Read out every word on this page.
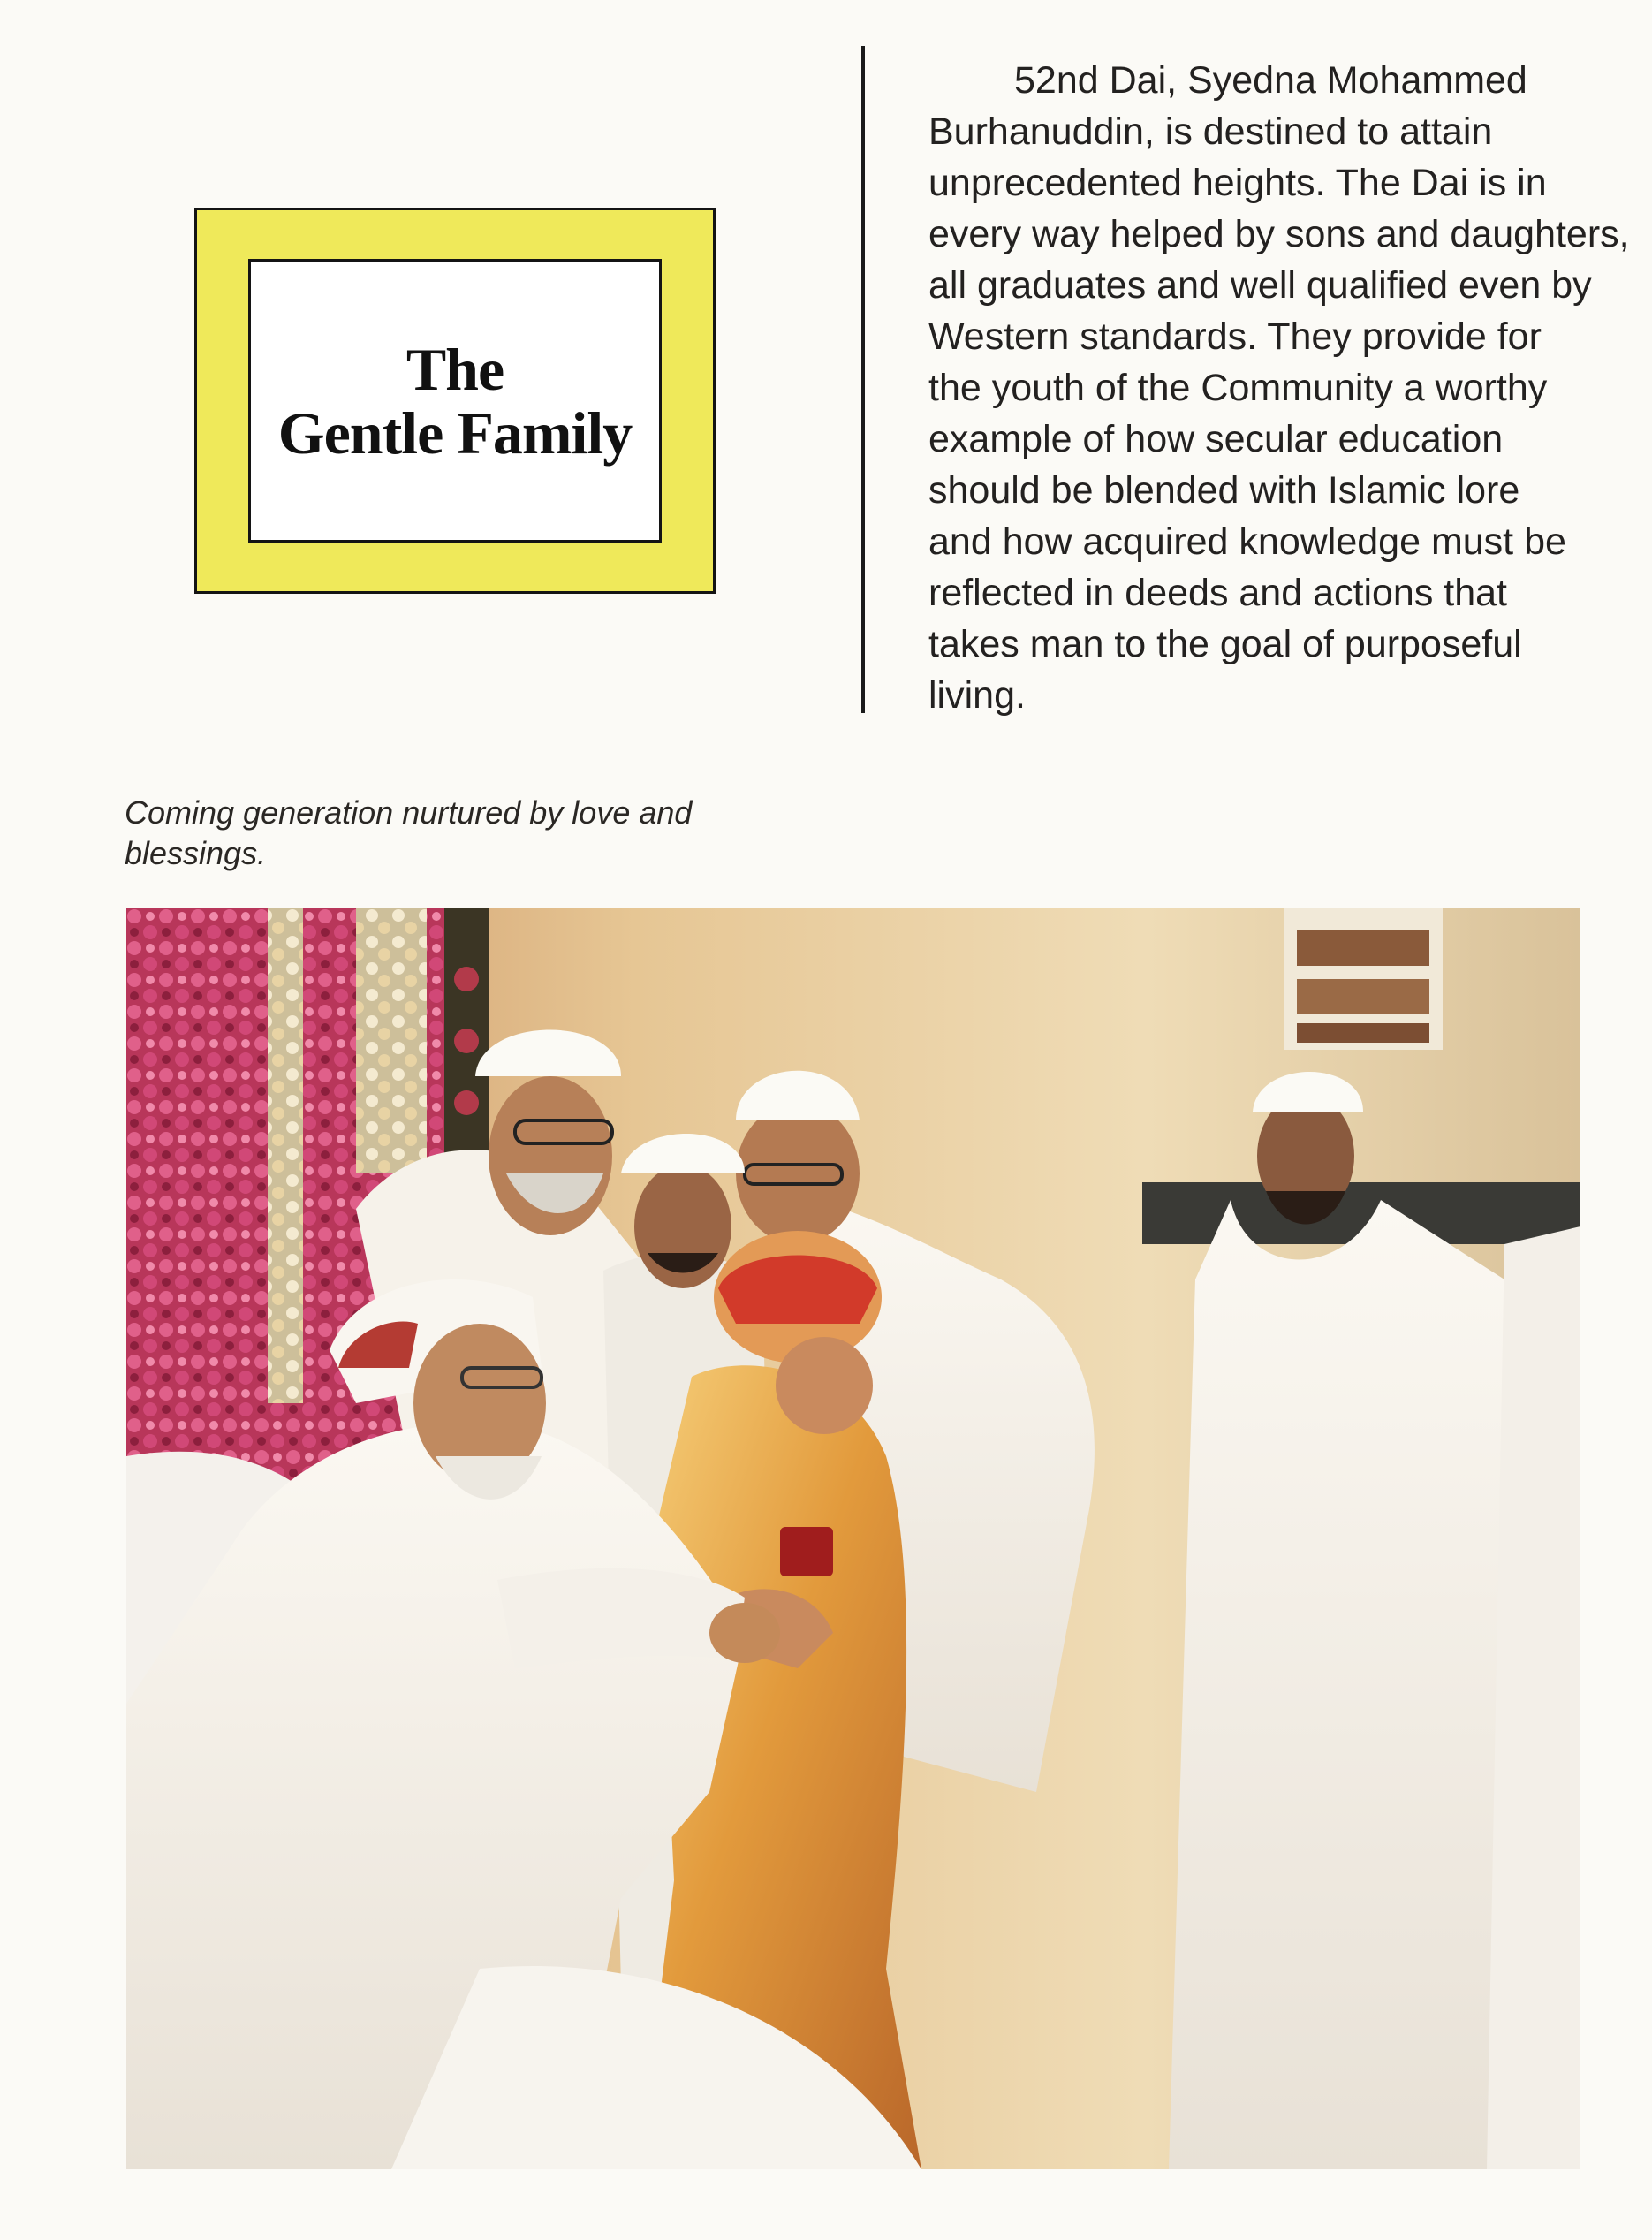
The
Gentle Family
52nd Dai, Syedna Mohammed
Burhanuddin, is destined to attain
unprecedented heights. The Dai is in
every way helped by sons and daughters,
all graduates and well qualified even by
Western standards. They provide for
the youth of the Community a worthy
example of how secular education
should be blended with Islamic lore
and how acquired knowledge must be
reflected in deeds and actions that
takes man to the goal of purposeful
living.
Coming generation nurtured by love and
blessings.
